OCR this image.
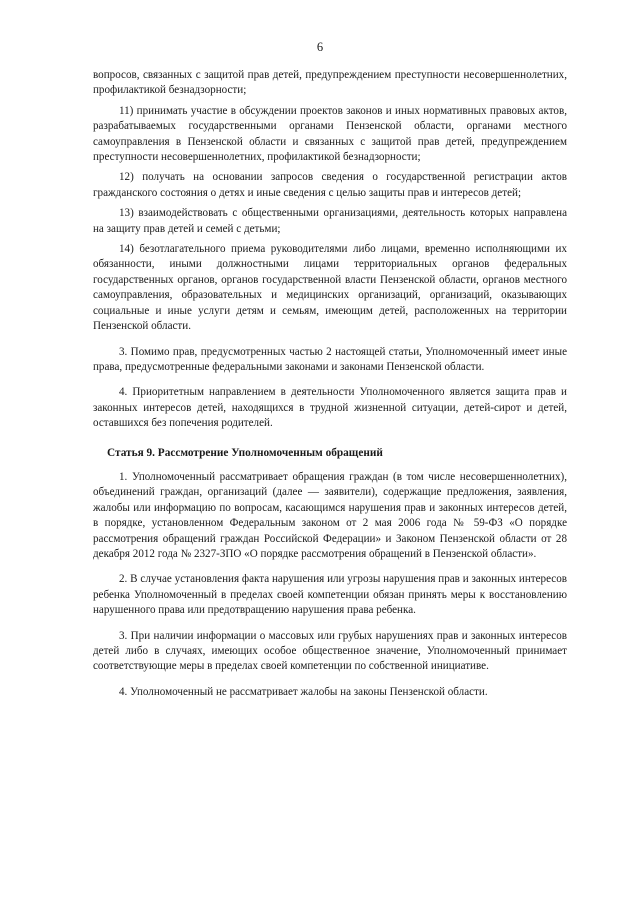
6

вопросов, связанных с защитой прав детей, предупреждением преступности несовершеннолетних, профилактикой безнадзорности;

11) принимать участие в обсуждении проектов законов и иных нормативных правовых актов, разрабатываемых государственными органами Пензенской области, органами местного самоуправления в Пензенской области и связанных с защитой прав детей, предупреждением преступности несовершеннолетних, профилактикой безнадзорности;

12) получать на основании запросов сведения о государственной регистрации актов гражданского состояния о детях и иные сведения с целью защиты прав и интересов детей;

13) взаимодействовать с общественными организациями, деятельность которых направлена на защиту прав детей и семей с детьми;

14) безотлагательного приема руководителями либо лицами, временно исполняющими их обязанности, иными должностными лицами территориальных органов федеральных государственных органов, органов государственной власти Пензенской области, органов местного самоуправления, образовательных и медицинских организаций, организаций, оказывающих социальные и иные услуги детям и семьям, имеющим детей, расположенных на территории Пензенской области.

3. Помимо прав, предусмотренных частью 2 настоящей статьи, Уполномоченный имеет иные права, предусмотренные федеральными законами и законами Пензенской области.

4. Приоритетным направлением в деятельности Уполномоченного является защита прав и законных интересов детей, находящихся в трудной жизненной ситуации, детей-сирот и детей, оставшихся без попечения родителей.

Статья 9. Рассмотрение Уполномоченным обращений

1. Уполномоченный рассматривает обращения граждан (в том числе несовершеннолетних), объединений граждан, организаций (далее — заявители), содержащие предложения, заявления, жалобы или информацию по вопросам, касающимся нарушения прав и законных интересов детей, в порядке, установленном Федеральным законом от 2 мая 2006 года № 59-ФЗ «О порядке рассмотрения обращений граждан Российской Федерации» и Законом Пензенской области от 28 декабря 2012 года № 2327-ЗПО «О порядке рассмотрения обращений в Пензенской области».

2. В случае установления факта нарушения или угрозы нарушения прав и законных интересов ребенка Уполномоченный в пределах своей компетенции обязан принять меры к восстановлению нарушенного права или предотвращению нарушения права ребенка.

3. При наличии информации о массовых или грубых нарушениях прав и законных интересов детей либо в случаях, имеющих особое общественное значение, Уполномоченный принимает соответствующие меры в пределах своей компетенции по собственной инициативе.

4. Уполномоченный не рассматривает жалобы на законы Пензенской области.
